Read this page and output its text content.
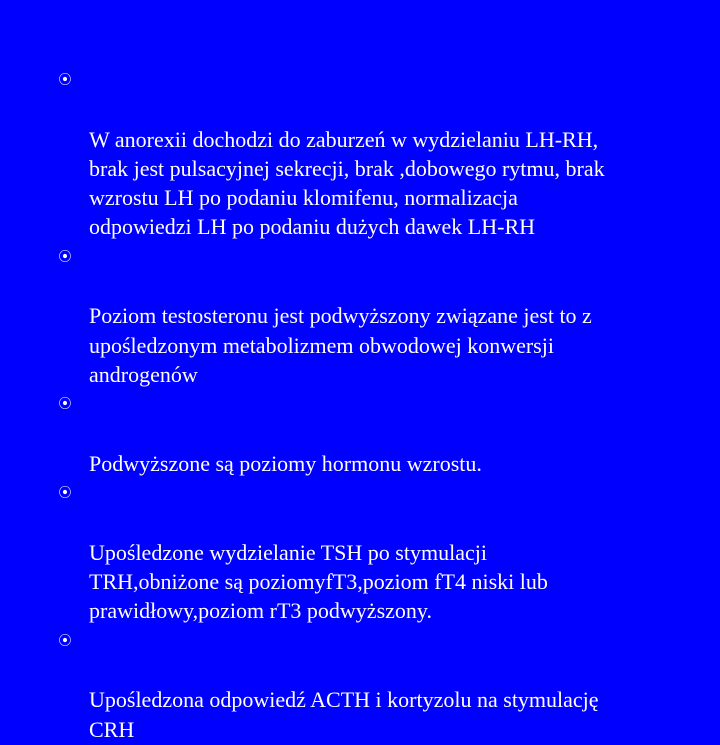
⦿

W anorexii dochodzi do zaburzeń w wydzielaniu LH-RH,
brak jest pulsacyjnej sekrecji, brak ,dobowego rytmu, brak
wzrostu LH po podaniu klomifenu, normalizacja
odpowiedzi LH po podaniu dużych dawek LH-RH

⦿

Poziom testosteronu jest podwyższony związane jest to z
upośledzonym metabolizmem obwodowej konwersji
androgenów

⦿

Podwyższone są poziomy hormonu wzrostu.

⦿

Upośledzone wydzielanie TSH po stymulacji
TRH,obniżone są poziomyfT3,poziom fT4 niski lub
prawidłowy,poziom rT3 podwyższony.

⦿

Upośledzona odpowiedź ACTH i kortyzolu na stymulację
CRH
